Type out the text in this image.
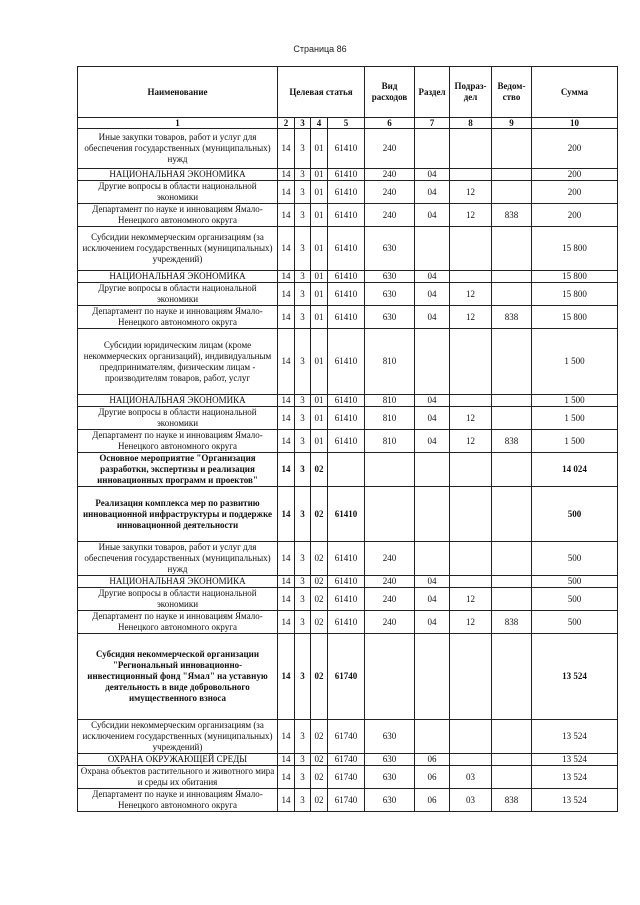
Страница 86
Наименование	Целевая статья				Вид расходов	Раздел	Подраз-дел	Ведом-ство	Сумма
1	2	3	4	5	6	7	8	9	10
Иные закупки товаров, работ и услуг для обеспечения государственных (муниципальных) нужд	14	3	01	61410	240				200
НАЦИОНАЛЬНАЯ ЭКОНОМИКА	14	3	01	61410	240	04			200
Другие вопросы в области национальной экономики	14	3	01	61410	240	04	12		200
Департамент по науке и инновациям Ямало-Ненецкого автономного округа	14	3	01	61410	240	04	12	838	200
Субсидии некоммерческим организациям (за исключением государственных (муниципальных) учреждений)	14	3	01	61410	630				15 800
НАЦИОНАЛЬНАЯ ЭКОНОМИКА	14	3	01	61410	630	04			15 800
Другие вопросы в области национальной экономики	14	3	01	61410	630	04	12		15 800
Департамент по науке и инновациям Ямало-Ненецкого автономного округа	14	3	01	61410	630	04	12	838	15 800
Субсидии юридическим лицам (кроме некоммерческих организаций), индивидуальным предпринимателям, физическим лицам - производителям товаров, работ, услуг	14	3	01	61410	810				1 500
НАЦИОНАЛЬНАЯ ЭКОНОМИКА	14	3	01	61410	810	04			1 500
Другие вопросы в области национальной экономики	14	3	01	61410	810	04	12		1 500
Департамент по науке и инновациям Ямало-Ненецкого автономного округа	14	3	01	61410	810	04	12	838	1 500
Основное мероприятие "Организация разработки, экспертизы и реализация инновационных программ и проектов"	14	3	02						14 024
Реализация комплекса мер по развитию инновационной инфраструктуры и поддержке инновационной деятельности	14	3	02	61410					500
Иные закупки товаров, работ и услуг для обеспечения государственных (муниципальных) нужд	14	3	02	61410	240				500
НАЦИОНАЛЬНАЯ ЭКОНОМИКА	14	3	02	61410	240	04			500
Другие вопросы в области национальной экономики	14	3	02	61410	240	04	12		500
Департамент по науке и инновациям Ямало-Ненецкого автономного округа	14	3	02	61410	240	04	12	838	500
Субсидия некоммерческой организации "Региональный инновационно-инвестиционный фонд "Ямал" на уставную деятельность в виде добровольного имущественного взноса	14	3	02	61740					13 524
Субсидии некоммерческим организациям (за исключением государственных (муниципальных) учреждений)	14	3	02	61740	630				13 524
ОХРАНА ОКРУЖАЮЩЕЙ СРЕДЫ	14	3	02	61740	630	06			13 524
Охрана объектов растительного и животного мира и среды их обитания	14	3	02	61740	630	06	03		13 524
Департамент по науке и инновациям Ямало-Ненецкого автономного округа	14	3	02	61740	630	06	03	838	13 524
